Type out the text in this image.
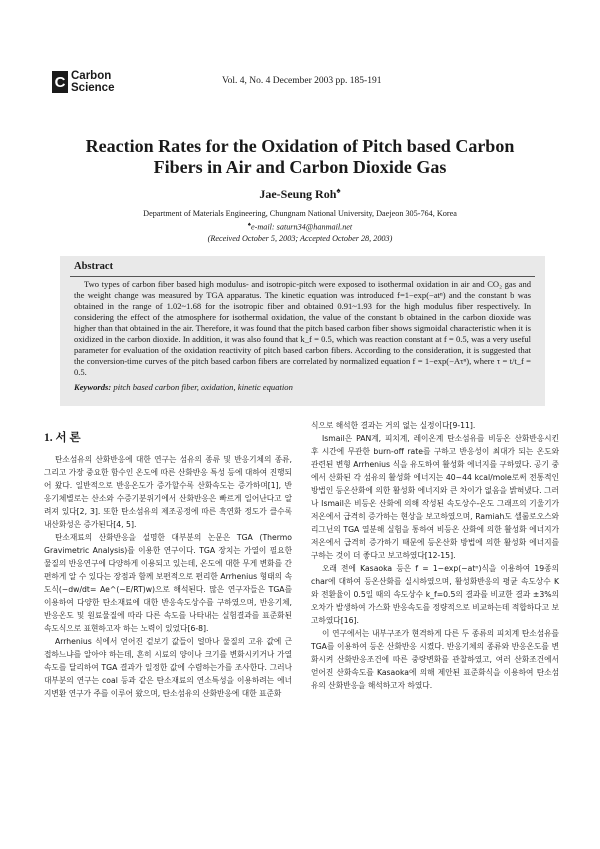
C Carbon
Science
Vol. 4, No. 4 December 2003 pp. 185-191
Reaction Rates for the Oxidation of Pitch based Carbon
Fibers in Air and Carbon Dioxide Gas
Jae-Seung Roh♠
Department of Materials Engineering, Chungnam National University, Daejeon 305-764, Korea
♠e-mail: saturn34@hanmail.net
(Received October 5, 2003; Accepted October 28, 2003)
Abstract
Two types of carbon fiber based high modulus- and isotropic-pitch were exposed to isothermal oxidation in air and CO₂ gas and the weight change was measured by TGA apparatus. The kinetic equation was introduced f=1−exp(−atⁿ) and the constant b was obtained in the range of 1.02~1.68 for the isotropic fiber and obtained 0.91~1.93 for the high modulus fiber respectively. In considering the effect of the atmosphere for isothermal oxidation, the value of the constant b obtained in the carbon dioxide was higher than that obtained in the air. Therefore, it was found that the pitch based carbon fiber shows sigmoidal characteristic when it is oxidized in the carbon dioxide. In addition, it was also found that k_f = 0.5, which was reaction constant at f = 0.5, was a very useful parameter for evaluation of the oxidation reactivity of pitch based carbon fibers. According to the consideration, it is suggested that the conversion-time curves of the pitch based carbon fibers are correlated by normalized equation f = 1−exp(−Aτⁿ), where τ = t/t_f = 0.5.
Keywords: pitch based carbon fiber, oxidation, kinetic equation
1. 서 론

탄소섬유의 산화반응에 대한 연구는 섬유의 종류 및 반응기체의 종류, 그리고 가장 중요한 함수인 온도에 따른 산화반응 특성 등에 대하여 진행되어 왔다. 일반적으로 반응온도가 증가할수록 산화속도는 증가하며[1], 반응기체별로는 산소와 수증기분위기에서 산화반응은 빠르게 일어난다고 알려져 있다[2, 3]. 또한 탄소섬유의 제조공정에 따른 흑연화 정도가 클수록 내산화성은 증가된다[4, 5].

탄소재료의 산화반응을 설명한 대부분의 논문은 TGA (Thermo Gravimetric Analysis)를 이용한 연구이다. TGA 장치는 가열이 필요한 물질의 반응연구에 다양하게 이용되고 있는데, 온도에 대한 무게 변화를 간편하게 알 수 있다는 장점과 함께 보편적으로 편리한 Arrhenius 형태의 속도식(−dw/dt= Ae^(−E/RT)w)으로 해석된다. 많은 연구자들은 TGA를 이용하여 다양한 탄소재료에 대한 반응속도상수를 구하였으며, 반응기체, 반응온도 및 원료물질에 따라 다른 속도를 나타내는 실험결과를 표준화된 속도식으로 표현하고자 하는 노력이 있었다[6-8].

Arrhenius 식에서 얻어진 겉보기 값들이 얼마나 물질의 고유 값에 근접하느냐를 알아야 하는데, 흔히 시료의 양이나 크기를 변화시키거나 가열속도를 달리하여 TGA 결과가 일정한 값에 수렴하는가를 조사한다. 그러나 대부분의 연구는 coal 등과 같은 탄소재료의 연소특성을 이용하려는 에너지변환 연구가 주를 이루어 왔으며, 탄소섬유의 산화반응에 대한 표준화

식으로 해석한 결과는 거의 없는 실정이다[9-11].

Ismail은 PAN계, 피치계, 레이온계 탄소섬유를 비등온 산화반응시킨 후 시간에 무관한 burn-off rate를 구하고 반응성이 최대가 되는 온도와 관련된 변형 Arrhenius 식을 유도하여 활성화 에너지를 구하였다. 공기 중에서 산화된 각 섬유의 활성화 에너지는 40~44 kcal/mole로써 전통적인 방법인 등온산화에 의한 활성화 에너지와 큰 차이가 없음을 밝혀냈다. 그러나 Ismail은 비등온 산화에 의해 작성된 속도상수-온도 그래프의 기울기가 저온에서 급격히 증가하는 현상을 보고하였으며, Ramiah도 셀룰로오스와 리그닌의 TGA 열분해 실험을 통하여 비등온 산화에 의한 활성화 에너지가 저온에서 급격히 증가하기 때문에 등온산화 방법에 의한 활성화 에너지를 구하는 것이 더 좋다고 보고하였다[12-15].

오래 전에 Kasaoka 등은 f = 1−exp(−atⁿ)식을 이용하여 19종의 char에 대하여 등온산화를 실시하였으며, 활성화반응의 평균 속도상수 K와 전환율이 0.5일 때의 속도상수 k_f=0.5의 결과를 비교한 결과 ±3%의 오차가 발생하여 가스화 반응속도를 정량적으로 비교하는데 적합하다고 보고하였다[16].

이 연구에서는 내부구조가 현격하게 다른 두 종류의 피치계 탄소섬유를 TGA를 이용하여 등온 산화반응 시켰다. 반응기체의 종류와 반응온도를 변화시켜 산화반응조건에 따른 중량변화를 관찰하였고, 여러 산화조건에서 얻어진 산화속도를 Kasaoka에 의해 제안된 표준화식을 이용하여 탄소섬유의 산화반응을 해석하고자 하였다.
